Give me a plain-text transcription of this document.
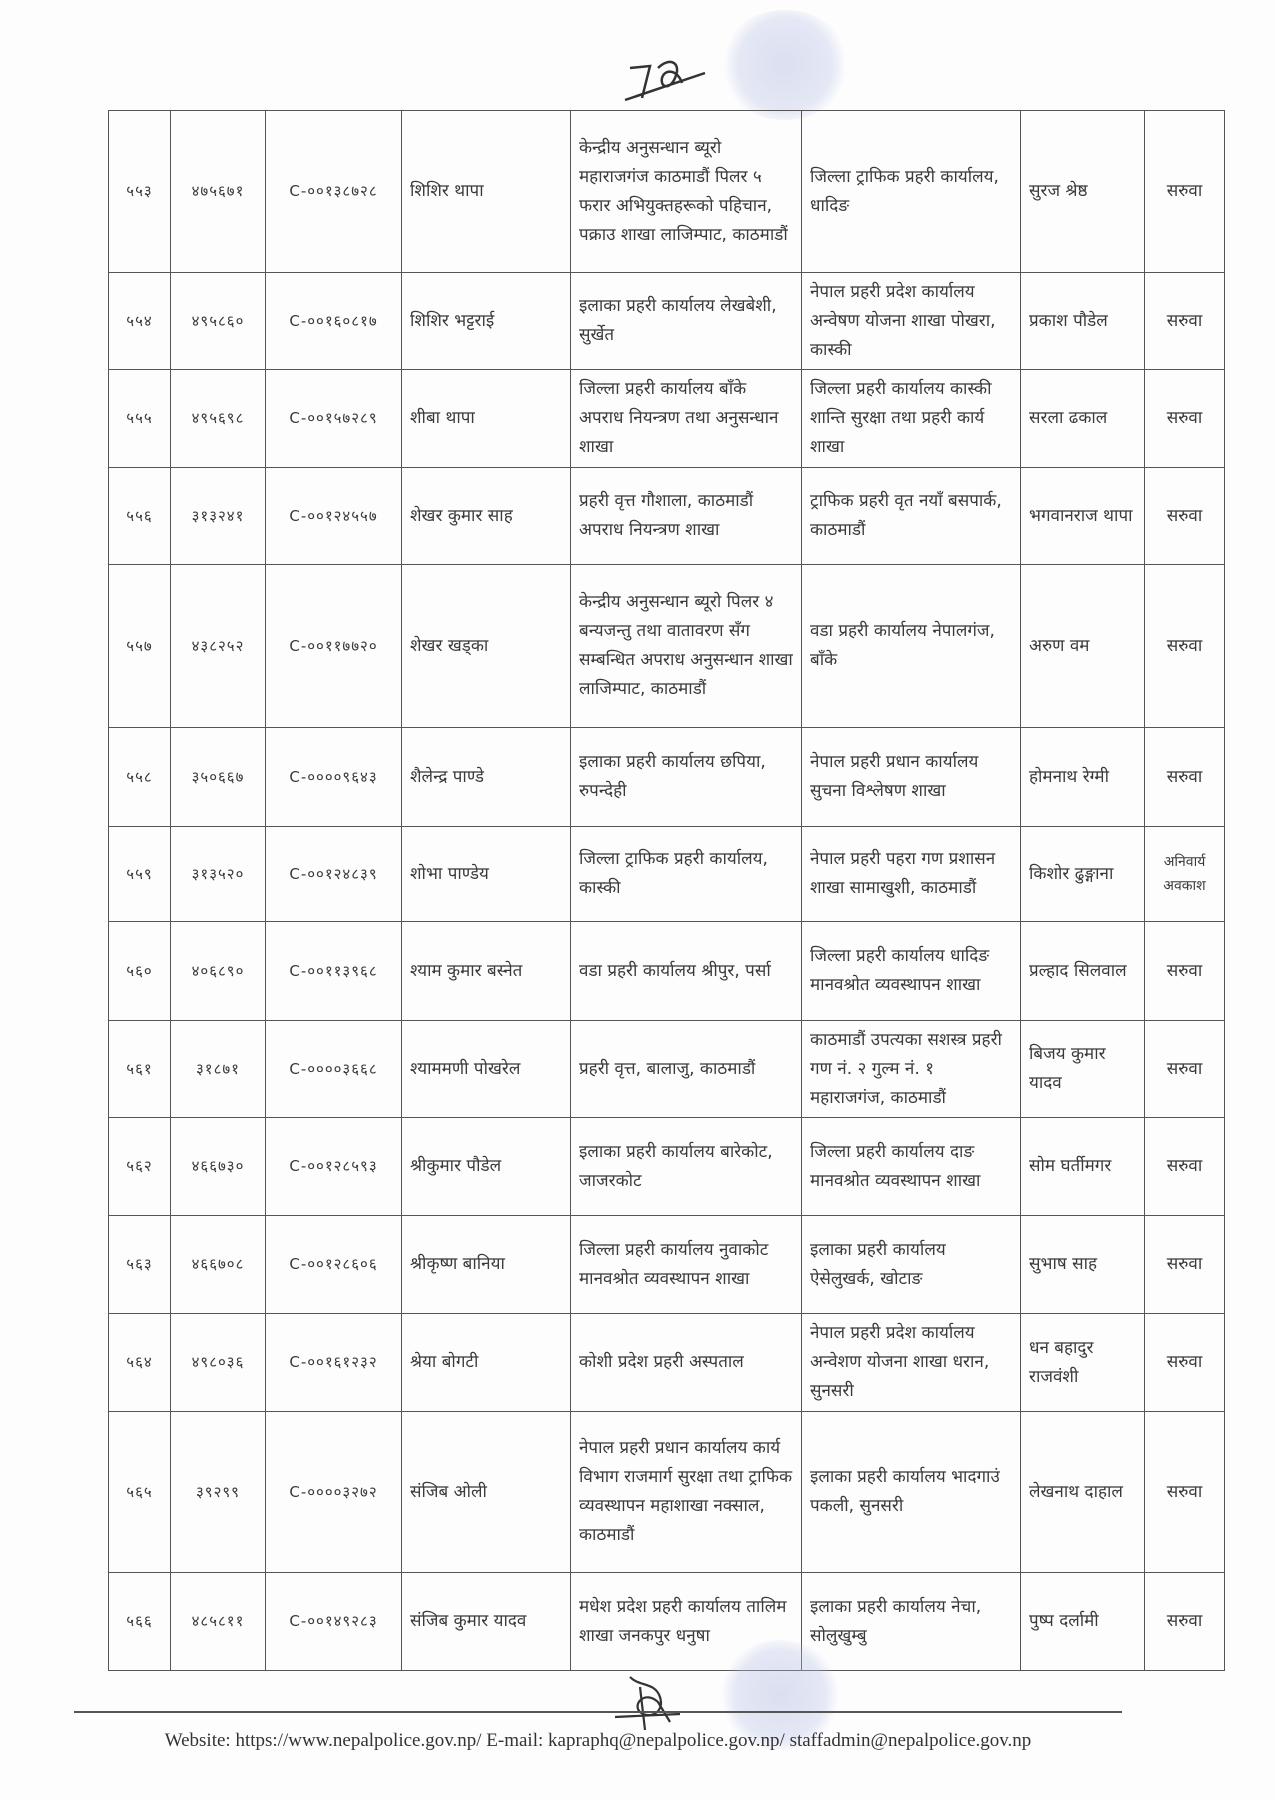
५५३	४७५६७१	C-००१३८७२८	शिशिर थापा	केन्द्रीय अनुसन्धान ब्यूरो महाराजगंज काठमाडौं पिलर ५ फरार अभियुक्तहरूको पहिचान, पक्राउ शाखा लाजिम्पाट, काठमाडौं	जिल्ला ट्राफिक प्रहरी कार्यालय, धादिङ	सुरज श्रेष्ठ	सरुवा
५५४	४९५८६०	C-००१६०८१७	शिशिर भट्टराई	इलाका प्रहरी कार्यालय लेखबेशी, सुर्खेत	नेपाल प्रहरी प्रदेश कार्यालय अन्वेषण योजना शाखा पोखरा, कास्की	प्रकाश पौडेल	सरुवा
५५५	४९५६९८	C-००१५७२८९	शीबा थापा	जिल्ला प्रहरी कार्यालय बाँके अपराध नियन्त्रण तथा अनुसन्धान शाखा	जिल्ला प्रहरी कार्यालय कास्की शान्ति सुरक्षा तथा प्रहरी कार्य शाखा	सरला ढकाल	सरुवा
५५६	३१३२४१	C-००१२४५५७	शेखर कुमार साह	प्रहरी वृत्त गौशाला, काठमाडौं अपराध नियन्त्रण शाखा	ट्राफिक प्रहरी वृत नयाँ बसपार्क, काठमाडौं	भगवानराज थापा	सरुवा
५५७	४३८२५२	C-००११७७२०	शेखर खड्का	केन्द्रीय अनुसन्धान ब्यूरो पिलर ४ बन्यजन्तु तथा वातावरण सँग सम्बन्धित अपराध अनुसन्धान शाखा लाजिम्पाट, काठमाडौं	वडा प्रहरी कार्यालय नेपालगंज, बाँके	अरुण वम	सरुवा
५५८	३५०६६७	C-००००९६४३	शैलेन्द्र पाण्डे	इलाका प्रहरी कार्यालय छपिया, रुपन्देही	नेपाल प्रहरी प्रधान कार्यालय सुचना विश्लेषण शाखा	होमनाथ रेग्मी	सरुवा
५५९	३१३५२०	C-००१२४८३९	शोभा पाण्डेय	जिल्ला ट्राफिक प्रहरी कार्यालय, कास्की	नेपाल प्रहरी पहरा गण प्रशासन शाखा सामाखुशी, काठमाडौं	किशोर ढुङ्गाना	अनिवार्य अवकाश
५६०	४०६८९०	C-००११३९६८	श्याम कुमार बस्नेत	वडा प्रहरी कार्यालय श्रीपुर, पर्सा	जिल्ला प्रहरी कार्यालय धादिङ मानवश्रोत व्यवस्थापन शाखा	प्रल्हाद सिलवाल	सरुवा
५६१	३१८७१	C-००००३६६८	श्याममणी पोखरेल	प्रहरी वृत्त, बालाजु, काठमाडौं	काठमाडौं उपत्यका सशस्त्र प्रहरी गण नं. २ गुल्म नं. १ महाराजगंज, काठमाडौं	बिजय कुमार यादव	सरुवा
५६२	४६६७३०	C-००१२८५९३	श्रीकुमार पौडेल	इलाका प्रहरी कार्यालय बारेकोट, जाजरकोट	जिल्ला प्रहरी कार्यालय दाङ मानवश्रोत व्यवस्थापन शाखा	सोम घर्तीमगर	सरुवा
५६३	४६६७०८	C-००१२८६०६	श्रीकृष्ण बानिया	जिल्ला प्रहरी कार्यालय नुवाकोट मानवश्रोत व्यवस्थापन शाखा	इलाका प्रहरी कार्यालय ऐसेलुखर्क, खोटाङ	सुभाष साह	सरुवा
५६४	४९८०३६	C-००१६१२३२	श्रेया बोगटी	कोशी प्रदेश प्रहरी अस्पताल	नेपाल प्रहरी प्रदेश कार्यालय अन्वेशण योजना शाखा धरान, सुनसरी	धन बहादुर राजवंशी	सरुवा
५६५	३९२९९	C-००००३२७२	संजिब ओली	नेपाल प्रहरी प्रधान कार्यालय कार्य विभाग राजमार्ग सुरक्षा तथा ट्राफिक व्यवस्थापन महाशाखा नक्साल, काठमाडौं	इलाका प्रहरी कार्यालय भादगाउं पकली, सुनसरी	लेखनाथ दाहाल	सरुवा
५६६	४८५८११	C-००१४९२८३	संजिब कुमार यादव	मधेश प्रदेश प्रहरी कार्यालय तालिम शाखा जनकपुर धनुषा	इलाका प्रहरी कार्यालय नेचा, सोलुखुम्बु	पुष्प दर्लामी	सरुवा
Website: https://www.nepalpolice.gov.np/ E-mail: kapraphq@nepalpolice.gov.np/ staffadmin@nepalpolice.gov.np
